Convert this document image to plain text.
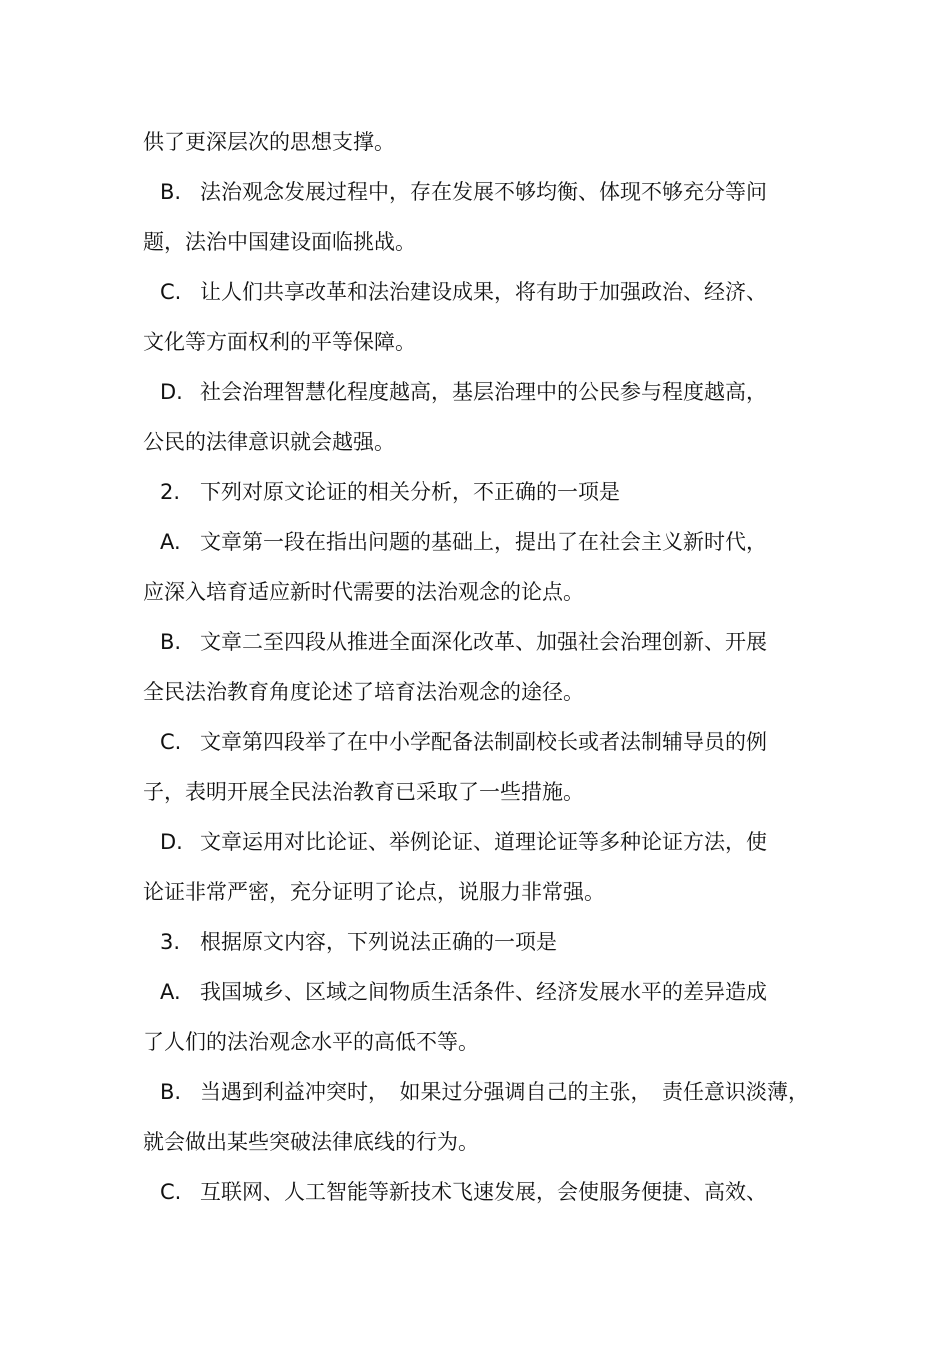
供了更深层次的思想支撑。
B. 法治观念发展过程中，存在发展不够均衡、体现不够充分等问
题，法治中国建设面临挑战。
C. 让人们共享改革和法治建设成果，将有助于加强政治、经济、
文化等方面权利的平等保障。
D. 社会治理智慧化程度越高，基层治理中的公民参与程度越高，
公民的法律意识就会越强。
2. 下列对原文论证的相关分析，不正确的一项是
A. 文章第一段在指出问题的基础上，提出了在社会主义新时代，
应深入培育适应新时代需要的法治观念的论点。
B. 文章二至四段从推进全面深化改革、加强社会治理创新、开展
全民法治教育角度论述了培育法治观念的途径。
C. 文章第四段举了在中小学配备法制副校长或者法制辅导员的例
子，表明开展全民法治教育已采取了一些措施。
D. 文章运用对比论证、举例论证、道理论证等多种论证方法，使
论证非常严密，充分证明了论点，说服力非常强。
3. 根据原文内容，下列说法正确的一项是
A. 我国城乡、区域之间物质生活条件、经济发展水平的差异造成
了人们的法治观念水平的高低不等。
B. 当遇到利益冲突时，　如果过分强调自己的主张，　责任意识淡薄，
就会做出某些突破法律底线的行为。
C. 互联网、人工智能等新技术飞速发展，会使服务便捷、高效、
